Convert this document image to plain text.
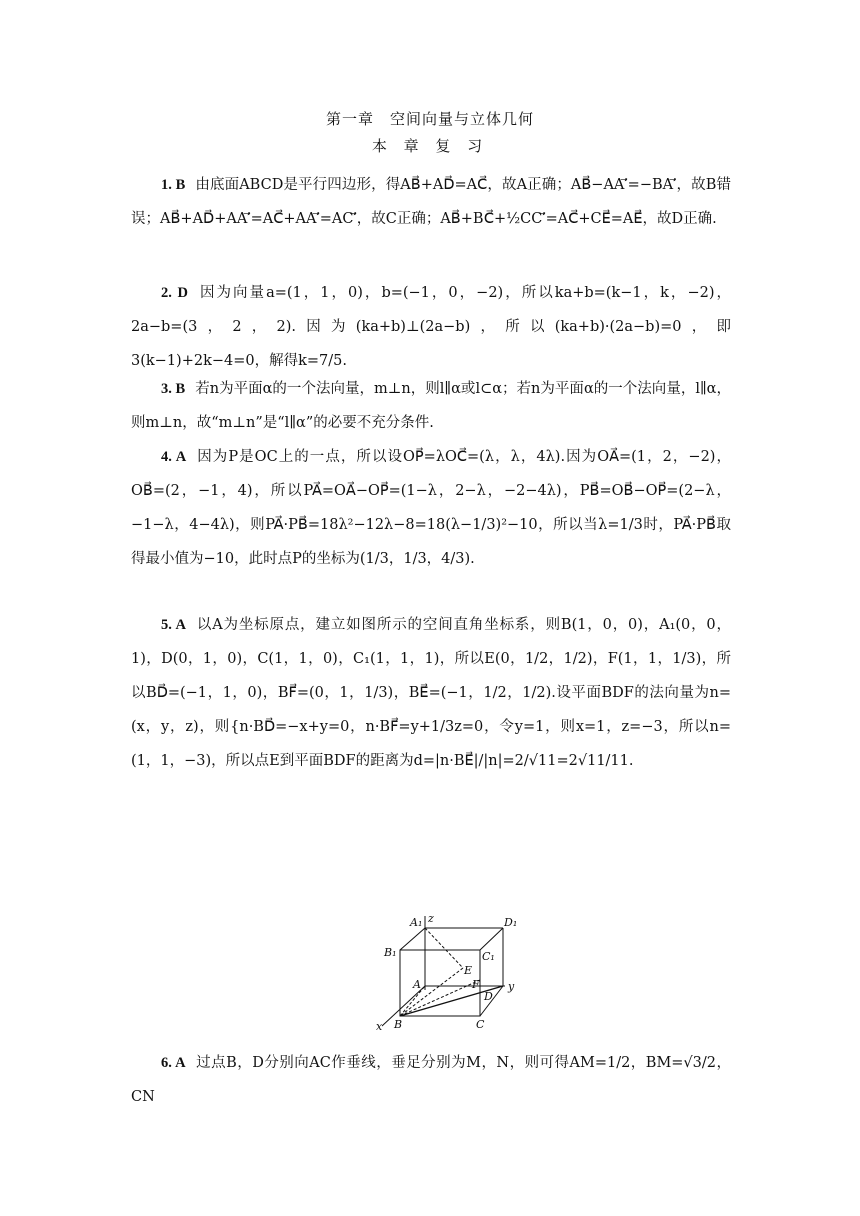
第一章　空间向量与立体几何
本 章 复 习

1. B 由底面ABCD是平行四边形，得AB⃗+AD⃗=AC⃗，故A正确；AB⃗−AA′⃗=−BA′⃗，故B错误；AB⃗+AD⃗+AA′⃗=AC⃗+AA′⃗=AC′⃗，故C正确；AB⃗+BC⃗+½CC′⃗=AC⃗+CE⃗=AE⃗，故D正确.

2. D 因为向量a=(1，1，0)，b=(−1，0，−2)，所以ka+b=(k−1，k，−2)，2a−b=(3，2，2).因为(ka+b)⊥(2a−b)，所以(ka+b)·(2a−b)=0，即3(k−1)+2k−4=0，解得k=7/5.

3. B 若n为平面α的一个法向量，m⊥n，则l∥α或l⊂α；若n为平面α的一个法向量，l∥α，则m⊥n，故“m⊥n”是“l∥α”的必要不充分条件.

4. A 因为P是OC上的一点，所以设OP⃗=λOC⃗=(λ，λ，4λ).因为OA⃗=(1，2，−2)，OB⃗=(2，−1，4)，所以PA⃗=OA⃗−OP⃗=(1−λ，2−λ，−2−4λ)，PB⃗=OB⃗−OP⃗=(2−λ，−1−λ，4−4λ)，则PA⃗·PB⃗=18λ²−12λ−8=18(λ−1/3)²−10，所以当λ=1/3时，PA⃗·PB⃗取得最小值为−10，此时点P的坐标为(1/3，1/3，4/3).

5. A 以A为坐标原点，建立如图所示的空间直角坐标系，则B(1，0，0)，A₁(0，0，1)，D(0，1，0)，C(1，1，0)，C₁(1，1，1)，所以E(0，1/2，1/2)，F(1，1，1/3)，所以BD⃗=(−1，1，0)，BF⃗=(0，1，1/3)，BE⃗=(−1，1/2，1/2).设平面BDF的法向量为n=(x，y，z)，则{n·BD⃗=−x+y=0，n·BF⃗=y+1/3z=0，令y=1，则x=1，z=−3，所以n=(1，1，−3)，所以点E到平面BDF的距离为d=|n·BE⃗|/|n|=2/√11=2√11/11.

A₁	D₁
B₁	C₁
A
B	C
D
E
F
x
y
z

6. A 过点B，D分别向AC作垂线，垂足分别为M，N，则可得AM=1/2，BM=√3/2，CN
